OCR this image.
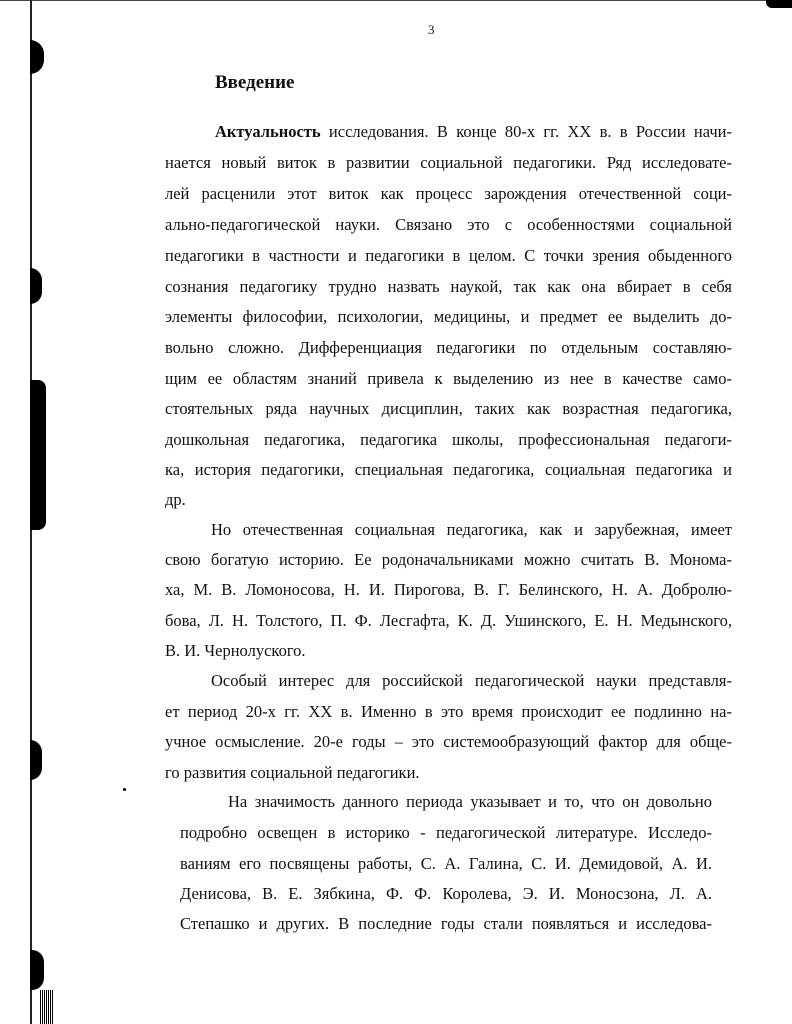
3
Введение

Актуальность исследования. В конце 80-х гг. XX в. в России начи-

нается новый виток в развитии социальной педагогики. Ряд исследовате-

лей расценили этот виток как процесс зарождения отечественной соци-

ально-педагогической науки. Связано это с особенностями социальной

педагогики в частности и педагогики в целом. С точки зрения обыденного

сознания педагогику трудно назвать наукой, так как она вбирает в себя

элементы философии, психологии, медицины, и предмет ее выделить до-

вольно сложно. Дифференциация педагогики по отдельным составляю-

щим ее областям знаний привела к выделению из нее в качестве само-

стоятельных ряда научных дисциплин, таких как возрастная педагогика,

дошкольная педагогика, педагогика школы, профессиональная педагоги-

ка, история педагогики, специальная педагогика, социальная педагогика и

др.

Но отечественная социальная педагогика, как и зарубежная, имеет

свою богатую историю. Ее родоначальниками можно считать В. Монома-

ха, М. В. Ломоносова, Н. И. Пирогова, В. Г. Белинского, Н. А. Добролю-

бова, Л. Н. Толстого, П. Ф. Лесгафта, К. Д. Ушинского, Е. Н. Медынского,

В. И. Чернолуского.

Особый интерес для российской педагогической науки представля-

ет период 20-х гг. XX в. Именно в это время происходит ее подлинно на-

учное осмысление. 20-е годы – это системообразующий фактор для обще-

го развития социальной педагогики.

На значимость данного периода указывает и то, что он довольно

подробно освещен в историко - педагогической литературе. Исследо-

ваниям его посвящены работы, С. А. Галина, С. И. Демидовой, А. И.

Денисова, В. Е. Зябкина, Ф. Ф. Королева, Э. И. Моносзона, Л. А.

Степашко и других. В последние годы стали появляться и исследова-
